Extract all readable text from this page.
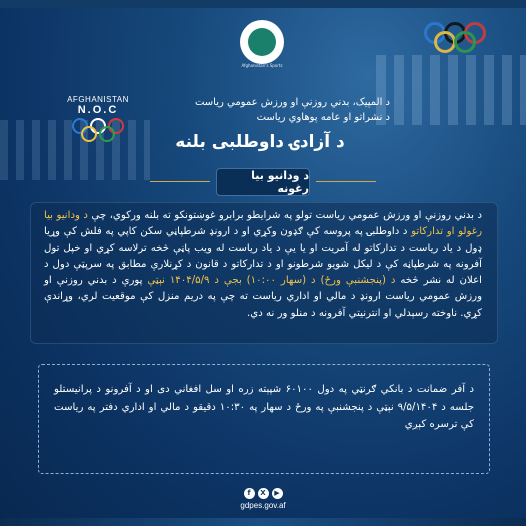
Afghanistan's Sports
AFGHANISTAN
N.O.C
د المپیک، بدني روزنې او ورزش عمومي ریاست
د نشراتو او عامه پوهاوي ریاست
د آزادۍ داوطلبی بلنه
د ودانیو بیا رغونه
د بدني روزنې او ورزش عمومي ریاست تولو په شرایطو برابرو غوښتونکو ته بلنه ورکوي، چې د ودانیو بیا رغولو او تدارکاتو د داوطلبۍ په پروسه کې ګډون وکړي او د ارونډ شرطپاڼي سکن کاپي په فلش کې وړیا ډول د یاد ریاست د تدارکاتو له آمریت او یا یې د یاد ریاست له ویب پاڼې څخه ترلاسه کړي او خپل تول آفرونه په شرطپاڼه کې د لیکل شویو شرطونو او د تدارکاتو د قانون د کړنلارې مطابق په سرپټې دول د اعلان له نشر څخه د (پنجشنبې ورځ) د (سهار ۱۰:۰۰) بجې د ۱۴۰۴/۵/۹ نېټې پورې د بدني روزنې او ورزش عمومي ریاست ارونډ د مالي او اداري ریاست ته چې په دریم منزل کې موقعیت لري، وړاندې کړي. ناوخته رسېدلي او انترنیتي آفرونه د منلو ور نه دي.
د آفر ضمانت د بانکي ګرنټي په دول ۶۰۱۰۰ شپېته زره او سل افغاني دی او د آفرونو د پرانیستلو جلسه د ۹/۵/۱۴۰۴ نېټې د پنجشنبې په ورځ د سهار په ۱۰:۳۰ دقیقو د مالي او اداري دفتر په ریاست کې ترسره کېږي
f	X	▶
gdpes.gov.af
